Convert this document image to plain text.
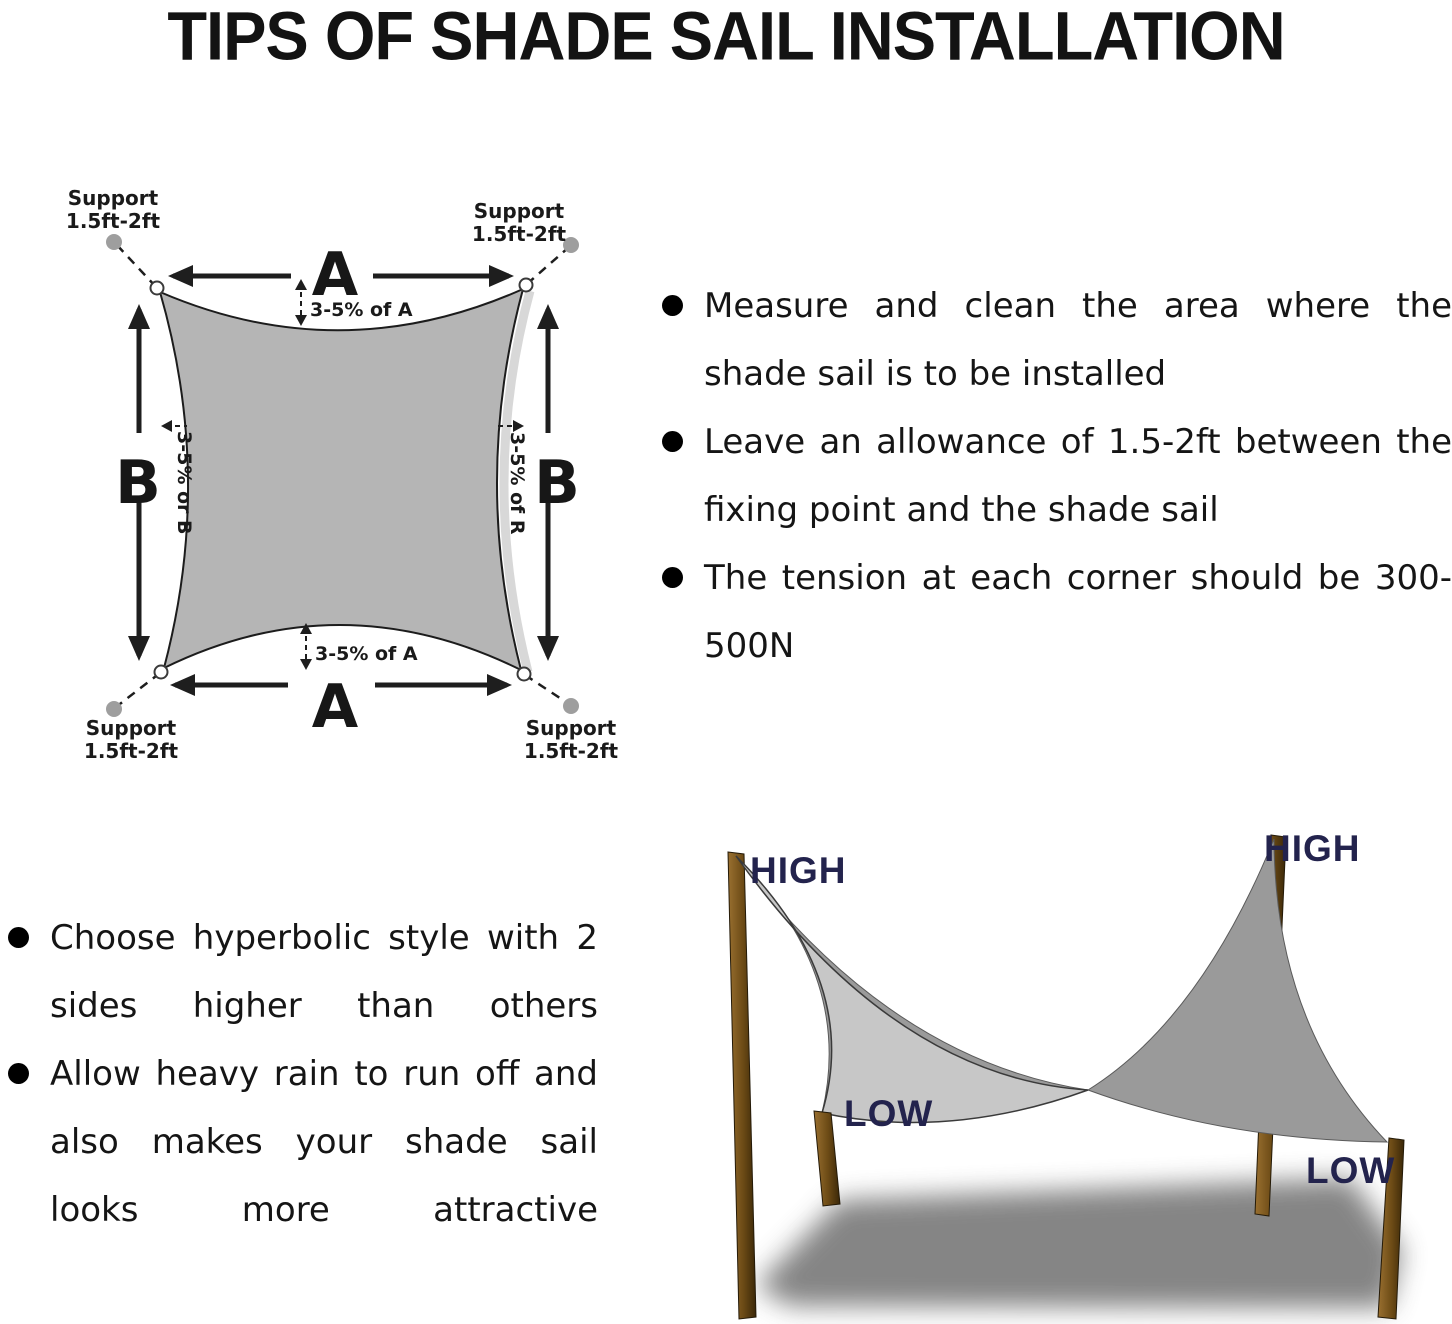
TIPS OF SHADE SAIL INSTALLATION
Support
1.5ft-2ft	Support
1.5ft-2ft
Support
1.5ft-2ft
Support
1.5ft-2ft
A
A
B	B
3-5% of A
3-5% of A
3-5% or B	3-5% of R
Measure and clean the area where the shade sail is to be installed
Leave an allowance of 1.5-2ft between the fixing point and the shade sail
The tension at each corner should be 300-500N
Choose hyperbolic style with 2 sides higher than others
Allow heavy rain to run off and also makes your shade sail looks more attractive
HIGH
HIGH
LOW
LOW
